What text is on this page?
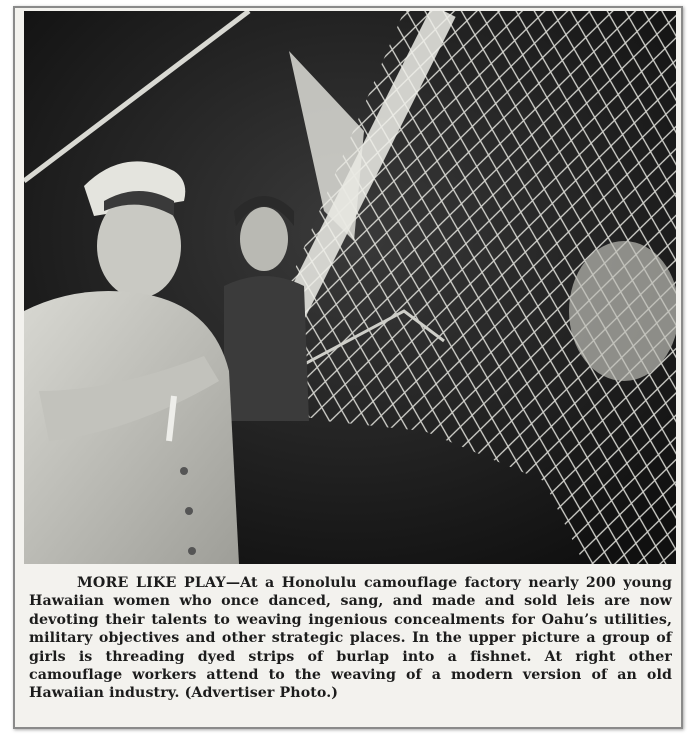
MORE LIKE PLAY—At a Honolulu camouflage factory nearly 200 young Hawaiian women who once danced, sang, and made and sold leis are now devoting their talents to weaving ingenious concealments for Oahu’s utilities, military objectives and other strategic places. In the upper picture a group of girls is threading dyed strips of burlap into a fishnet. At right other camouflage workers attend to the weaving of a modern version of an old Hawaiian industry. (Advertiser Photo.)
